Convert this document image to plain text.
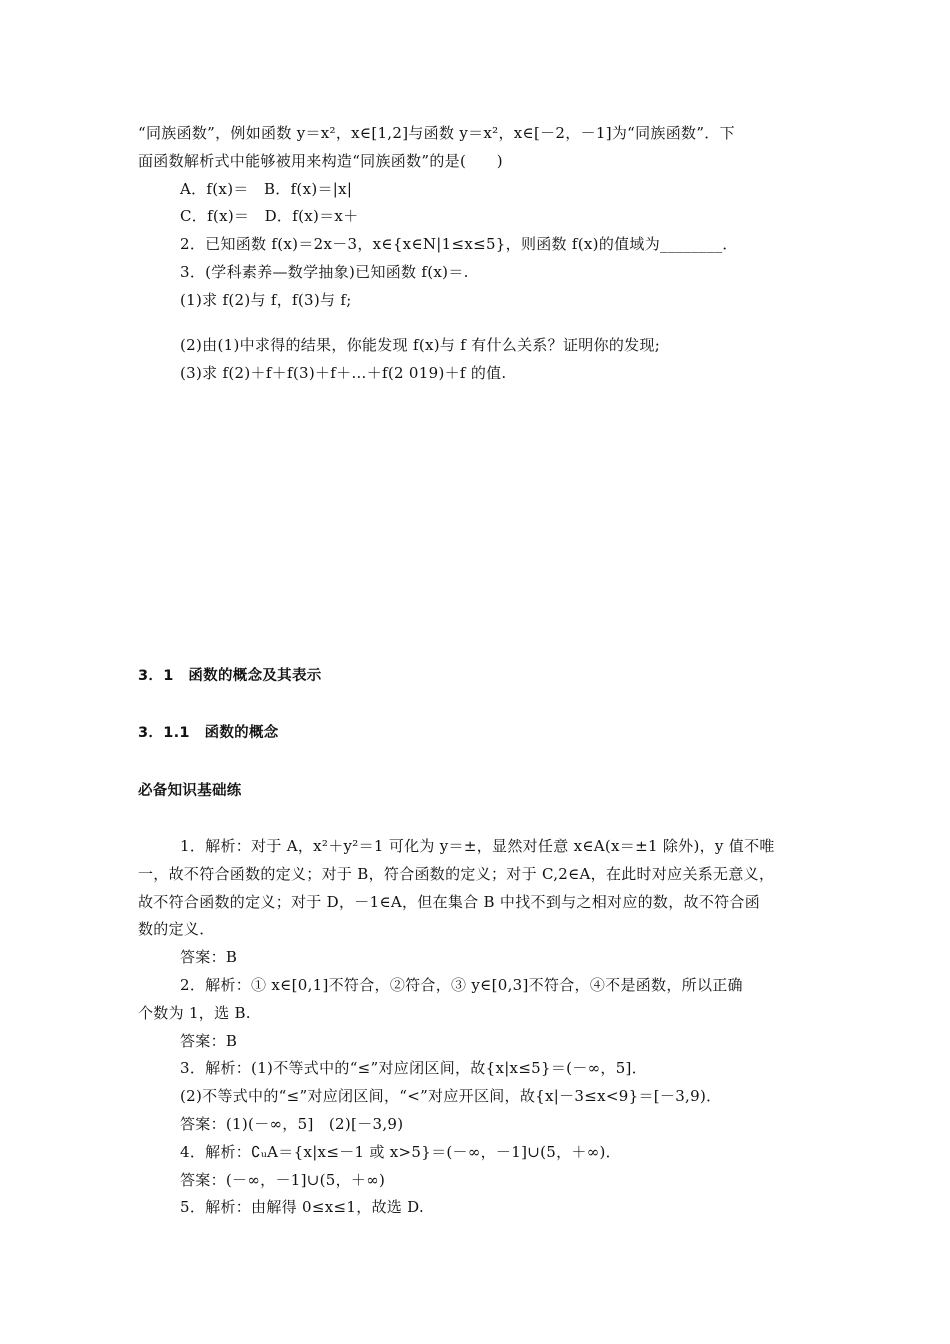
“同族函数”，例如函数 y＝x²，x∈[1,2]与函数 y＝x²，x∈[－2，－1]为“同族函数”．下
面函数解析式中能够被用来构造“同族函数”的是(　　)
A．f(x)＝　B．f(x)＝|x|
C．f(x)＝　D．f(x)＝x＋
2．已知函数 f(x)＝2x－3，x∈{x∈N|1≤x≤5}，则函数 f(x)的值域为________．
3．(学科素养—数学抽象)已知函数 f(x)＝.
(1)求 f(2)与 f，f(3)与 f;
(2)由(1)中求得的结果，你能发现 f(x)与 f 有什么关系？证明你的发现;
(3)求 f(2)＋f＋f(3)＋f＋…＋f(2 019)＋f 的值.
3．1　函数的概念及其表示
3．1.1　函数的概念
必备知识基础练
1．解析：对于 A，x²＋y²＝1 可化为 y＝±，显然对任意 x∈A(x＝±1 除外)，y 值不唯
一，故不符合函数的定义；对于 B，符合函数的定义；对于 C,2∈A，在此时对应关系无意义，
故不符合函数的定义；对于 D，－1∈A，但在集合 B 中找不到与之相对应的数，故不符合函
数的定义．
答案：B
2．解析：① x∈[0,1]不符合，②符合，③ y∈[0,3]不符合，④不是函数，所以正确
个数为 1，选 B.
答案：B
3．解析：(1)不等式中的“≤”对应闭区间，故{x|x≤5}＝(－∞，5]．
(2)不等式中的“≤”对应闭区间，“<”对应开区间，故{x|－3≤x<9}＝[－3,9)．
答案：(1)(－∞，5]　(2)[－3,9)
4．解析：∁ᵤA＝{x|x≤－1 或 x>5}＝(－∞，－1]∪(5，＋∞)．
答案：(－∞，－1]∪(5，＋∞)
5．解析：由解得 0≤x≤1，故选 D.
